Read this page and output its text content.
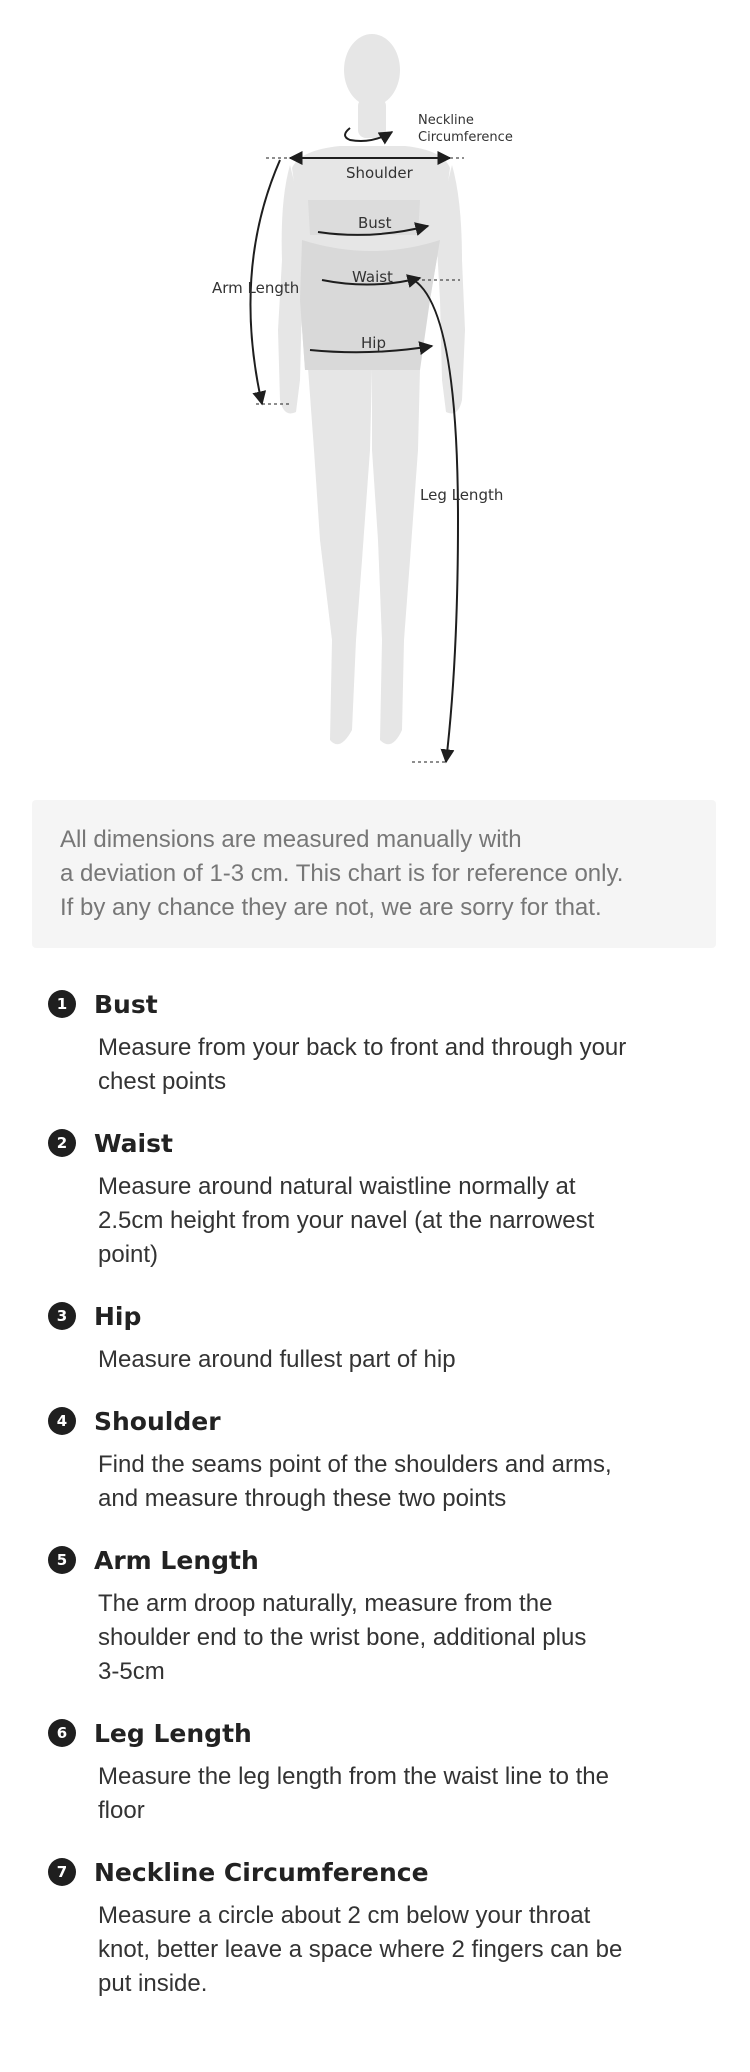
Neckline
Circumference
Shoulder
Bust
Waist
Hip
Arm Length
Leg Length
All dimensions are measured manually with
a deviation of 1-3 cm. This chart is for reference only.
If by any chance they are not, we are sorry for that.
1	Bust
Measure from your back to front and through your
chest points
2	Waist
Measure around natural waistline normally at
2.5cm height from your navel (at the narrowest
point)
3	Hip
Measure around fullest part of hip
4	Shoulder
Find the seams point of the shoulders and arms,
and measure through these two points
5	Arm Length
The arm droop naturally, measure from the
shoulder end to the wrist bone, additional plus
3-5cm
6	Leg Length
Measure the leg length from the waist line to the
floor
7	Neckline Circumference
Measure a circle about 2 cm below your throat
knot, better leave a space where 2 fingers can be
put inside.
